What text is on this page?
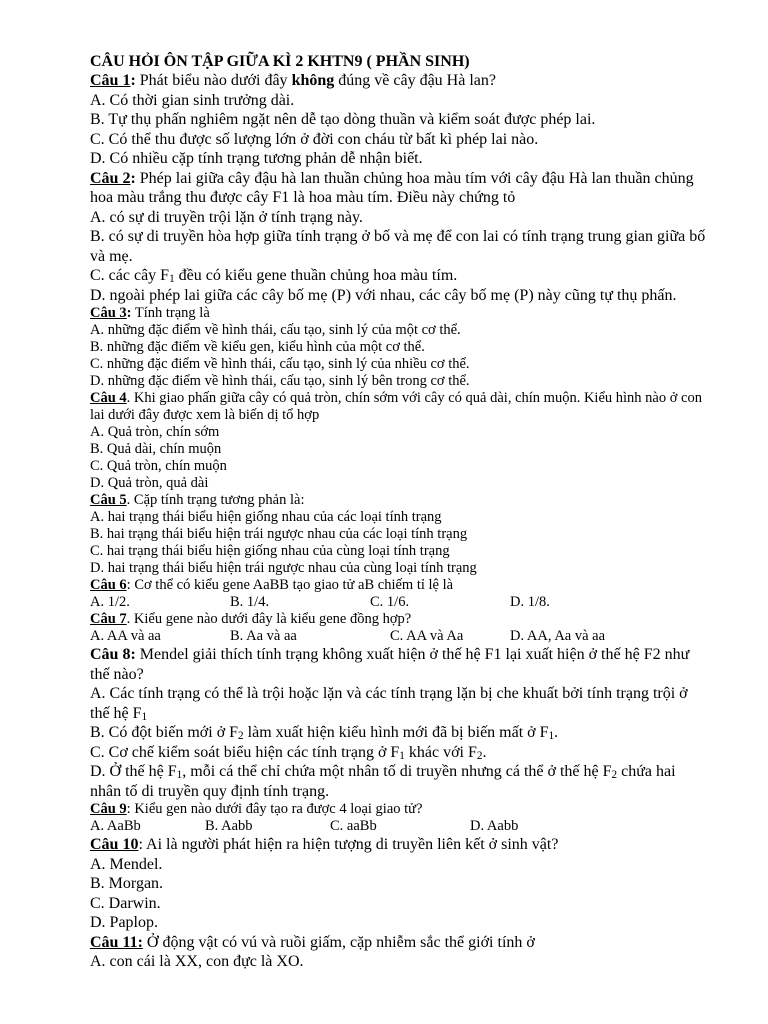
CÂU HỎI ÔN TẬP GIỮA KÌ 2 KHTN9 ( PHẦN SINH)

Câu 1: Phát biểu nào dưới đây không đúng về cây đậu Hà lan?

A. Có thời gian sinh trưởng dài.

B. Tự thụ phấn nghiêm ngặt nên dễ tạo dòng thuần và kiểm soát được phép lai.

C. Có thể thu được số lượng lớn ở đời con cháu từ bất kì phép lai nào.

D. Có nhiều cặp tính trạng tương phản dễ nhận biết.

Câu 2: Phép lai giữa cây đậu hà lan thuần chủng hoa màu tím với cây đậu Hà lan thuần chủng hoa màu trắng thu được cây F1 là hoa màu tím. Điều này chứng tỏ

A. có sự di truyền trội lặn ở tính trạng này.

B. có sự di truyền hòa hợp giữa tính trạng ở bố và mẹ để con lai có tính trạng trung gian giữa bố và mẹ.

C. các cây $F_1$ đều có kiểu gene thuần chủng hoa màu tím.

D. ngoài phép lai giữa các cây bố mẹ (P) với nhau, các cây bố mẹ (P) này cũng tự thụ phấn.

Câu 3: Tính trạng là

A. những đặc điểm về hình thái, cấu tạo, sinh lý của một cơ thể.

B. những đặc điểm về kiểu gen, kiểu hình của một cơ thể.

C. những đặc điểm về hình thái, cấu tạo, sinh lý của nhiều cơ thể.

D. những đặc điểm về hình thái, cấu tạo, sinh lý bên trong cơ thể.

Câu 4. Khi giao phấn giữa cây có quả tròn, chín sớm với cây có quả dài, chín muộn. Kiểu hình nào ở con lai dưới đây được xem là biến dị tổ hợp

A. Quả tròn, chín sớmB. Quả dài, chín muộn

C. Quả tròn, chín muộnD. Quả tròn, quả dài

Câu 5. Cặp tính trạng tương phản là:

A. hai trạng thái biểu hiện giống nhau của các loại tính trạng

B. hai trạng thái biểu hiện trái ngược nhau của các loại tính trạng

C. hai trạng thái biểu hiện giống nhau của cùng loại tính trạng

D. hai trạng thái biểu hiện trái ngược nhau của cùng loại tính trạng

Câu 6: Cơ thể có kiểu gene AaBB tạo giao tử aB chiếm tỉ lệ là

A. 1/2.	B. 1/4.	C. 1/6.	D. 1/8.

Câu 7. Kiểu gene nào dưới đây là kiểu gene đồng hợp?

A. AA và aa	B. Aa và aa	C. AA và Aa	D. AA, Aa và aa

Câu 8: Mendel giải thích tính trạng không xuất hiện ở thế hệ F1 lại xuất hiện ở thế hệ F2 như thế nào?

A. Các tính trạng có thể là trội hoặc lặn và các tính trạng lặn bị che khuất bởi tính trạng trội ở thế hệ $F_1$

B. Có đột biến mới ở $F_2$ làm xuất hiện kiểu hình mới đã bị biến mất ở $F_1$.

C. Cơ chế kiểm soát biểu hiện các tính trạng ở $F_1$ khác với $F_2$.

D. Ở thế hệ $F_1$, mỗi cá thể chỉ chứa một nhân tố di truyền nhưng cá thể ở thế hệ $F_2$ chứa hai nhân tố di truyền quy định tính trạng.

Câu 9: Kiểu gen nào dưới đây tạo ra được 4 loại giao tử?

A. AaBb	B. Aabb	C. aaBb	D. Aabb

Câu 10: Ai là người phát hiện ra hiện tượng di truyền liên kết ở sinh vật?

A. Mendel.

B. Morgan.

C. Darwin.

D. Paplop.

Câu 11: Ở động vật có vú và ruồi giấm, cặp nhiễm sắc thể giới tính ở

A. con cái là XX, con đực là XO.
